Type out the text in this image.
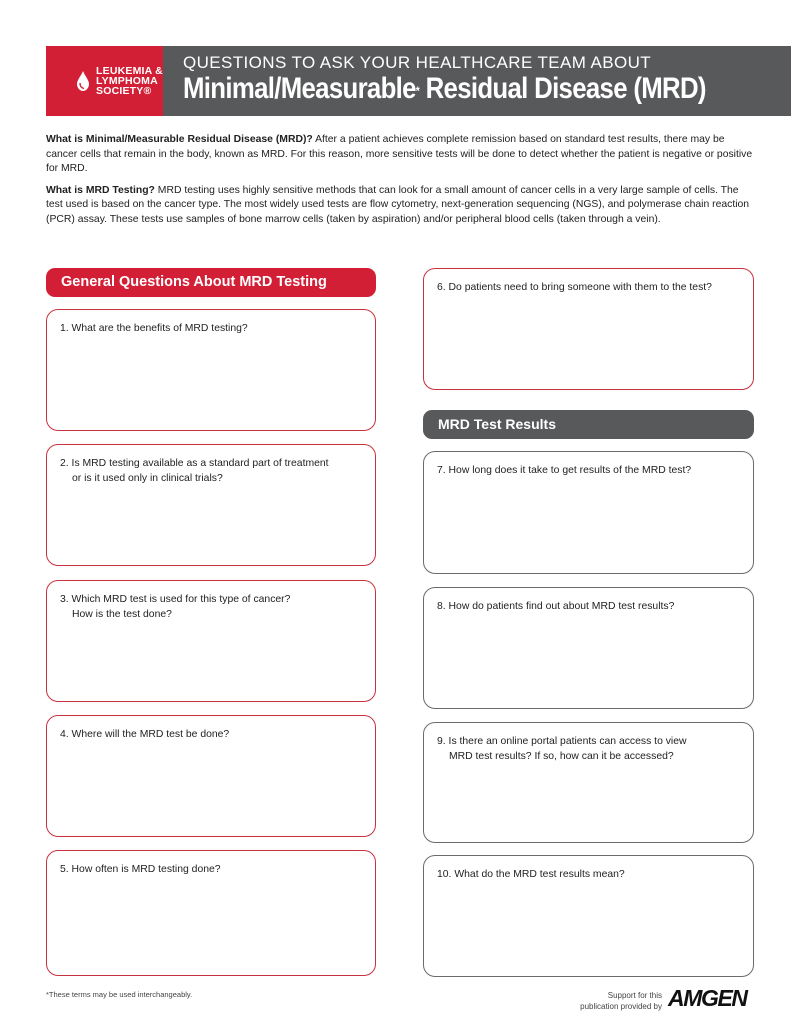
LEUKEMIA &
LYMPHOMA
SOCIETY®
QUESTIONS TO ASK YOUR HEALTHCARE TEAM ABOUT
Minimal/Measurable* Residual Disease (MRD)

What is Minimal/Measurable Residual Disease (MRD)? After a patient achieves complete remission based on standard test results, there may be cancer cells that remain in the body, known as MRD. For this reason, more sensitive tests will be done to detect whether the patient is negative or positive for MRD.

What is MRD Testing? MRD testing uses highly sensitive methods that can look for a small amount of cancer cells in a very large sample of cells. The test used is based on the cancer type. The most widely used tests are flow cytometry, next-generation sequencing (NGS), and polymerase chain reaction (PCR) assay. These tests use samples of bone marrow cells (taken by aspiration) and/or peripheral blood cells (taken through a vein).

General Questions About MRD Testing
MRD Test Results
1. What are the benefits of MRD testing?
2. Is MRD testing available as a standard part of treatment
or is it used only in clinical trials?
3. Which MRD test is used for this type of cancer?
How is the test done?
4. Where will the MRD test be done?
5. How often is MRD testing done?
6. Do patients need to bring someone with them to the test?
7. How long does it take to get results of the MRD test?
8. How do patients find out about MRD test results?
9. Is there an online portal patients can access to view
MRD test results? If so, how can it be accessed?
10. What do the MRD test results mean?
*These terms may be used interchangeably.	Support for this
publication provided by AMGEN
